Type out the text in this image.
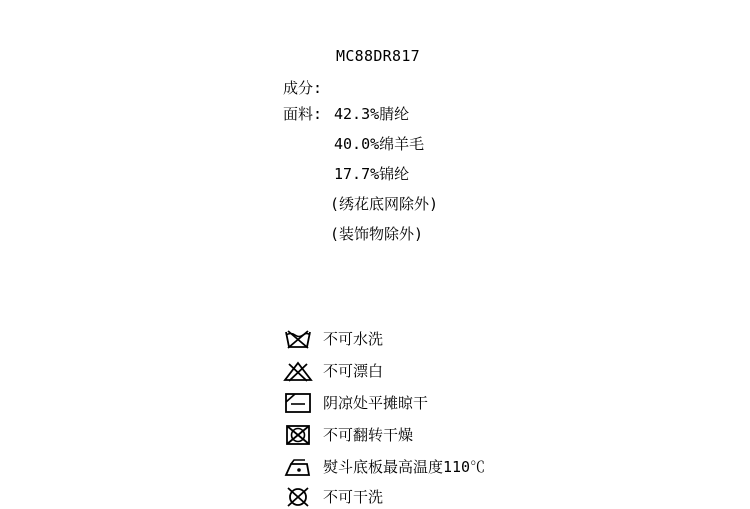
MC88DR817
成分:
面料: 42.3%腈纶
40.0%绵羊毛
17.7%锦纶
(绣花底网除外)
(装饰物除外)
不可水洗
不可漂白
阴凉处平摊晾干
不可翻转干燥
熨斗底板最高温度110℃
不可干洗
